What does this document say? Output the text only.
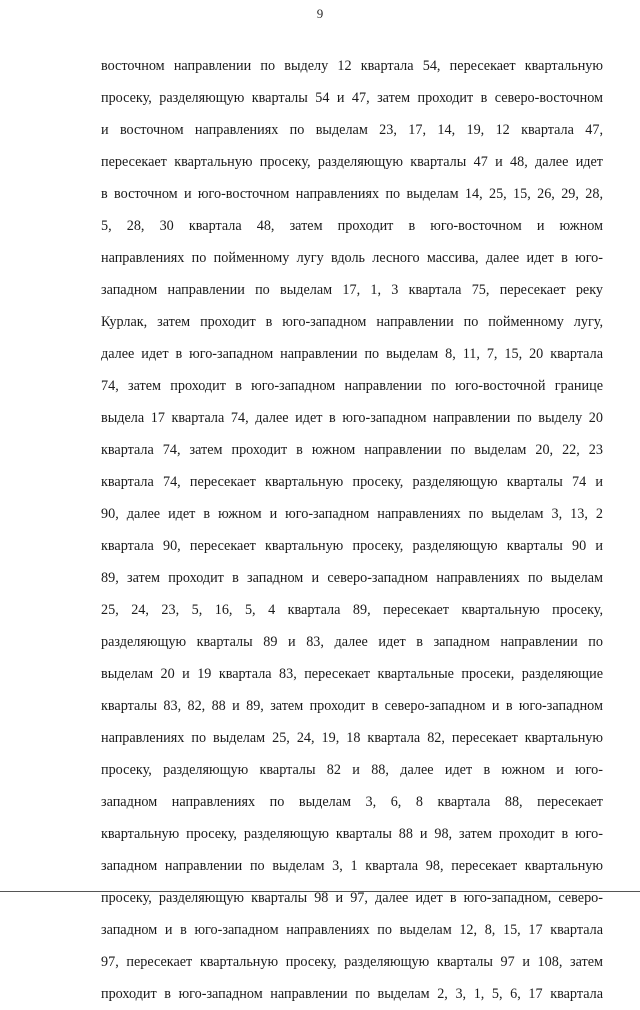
9
восточном направлении по выделу 12 квартала 54, пересекает квартальную
просеку, разделяющую кварталы 54 и 47, затем проходит в северо-восточном
и восточном направлениях по выделам 23, 17, 14, 19, 12 квартала 47,
пересекает квартальную просеку, разделяющую кварталы 47 и 48, далее идет
в восточном и юго-восточном направлениях по выделам 14, 25, 15, 26, 29, 28,
5, 28, 30 квартала 48, затем проходит в юго-восточном и южном
направлениях по пойменному лугу вдоль лесного массива, далее идет в юго-
западном направлении по выделам 17, 1, 3 квартала 75, пересекает реку
Курлак, затем проходит в юго-западном направлении по пойменному лугу,
далее идет в юго-западном направлении по выделам 8, 11, 7, 15, 20 квартала
74, затем проходит в юго-западном направлении по юго-восточной границе
выдела 17 квартала 74, далее идет в юго-западном направлении по выделу 20
квартала 74, затем проходит в южном направлении по выделам 20, 22, 23
квартала 74, пересекает квартальную просеку, разделяющую кварталы 74 и
90, далее идет в южном и юго-западном направлениях по выделам 3, 13, 2
квартала 90, пересекает квартальную просеку, разделяющую кварталы 90 и
89, затем проходит в западном и северо-западном направлениях по выделам
25, 24, 23, 5, 16, 5, 4 квартала 89, пересекает квартальную просеку,
разделяющую кварталы 89 и 83, далее идет в западном направлении по
выделам 20 и 19 квартала 83, пересекает квартальные просеки, разделяющие
кварталы 83, 82, 88 и 89, затем проходит в северо-западном и в юго-западном
направлениях по выделам 25, 24, 19, 18 квартала 82, пересекает квартальную
просеку, разделяющую кварталы 82 и 88, далее идет в южном и юго-
западном направлениях по выделам 3, 6, 8 квартала 88, пересекает
квартальную просеку, разделяющую кварталы 88 и 98, затем проходит в юго-
западном направлении по выделам 3, 1 квартала 98, пересекает квартальную
просеку, разделяющую кварталы 98 и 97, далее идет в юго-западном, северо-
западном и в юго-западном направлениях по выделам 12, 8, 15, 17 квартала
97, пересекает квартальную просеку, разделяющую кварталы 97 и 108, затем
проходит в юго-западном направлении по выделам 2, 3, 1, 5, 6, 17 квартала
